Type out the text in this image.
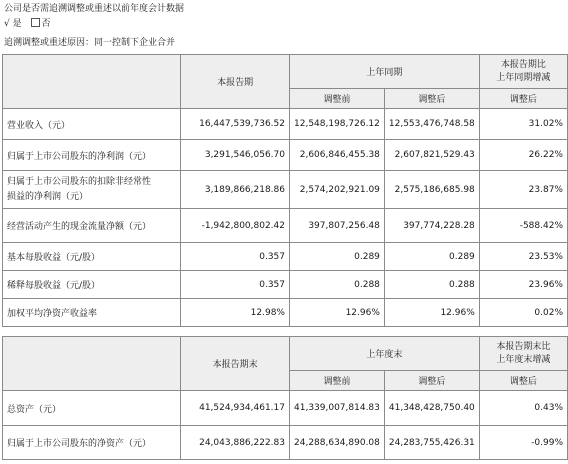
公司是否需追溯调整或重述以前年度会计数据
√ 是 否
追溯调整或重述原因：同一控制下企业合并
	本报告期	上年同期		本报告期比
上年同期增减

		调整前	调整后	调整后
营业收入（元）	16,447,539,736.52	12,548,198,726.12	12,553,476,748.58	31.02%
归属于上市公司股东的净利润（元）	3,291,546,056.70	2,606,846,455.38	2,607,821,529.43	26.22%

归属于上市公司股东的扣除非经常性
损益的净利润（元）	3,189,866,218.86	2,574,202,921.09	2,575,186,685.98	23.87%
经营活动产生的现金流量净额（元）	-1,942,800,802.42	397,807,256.48	397,774,228.28	-588.42%
基本每股收益（元/股）	0.357	0.289	0.289	23.53%
稀释每股收益（元/股）	0.357	0.288	0.288	23.96%
加权平均净资产收益率	12.98%	12.96%	12.96%	0.02%
	本报告期末	上年度末		本报告期末比
上年度末增减

		调整前	调整后	调整后
总资产（元）	41,524,934,461.17	41,339,007,814.83	41,348,428,750.40	0.43%
归属于上市公司股东的净资产（元）	24,043,886,222.83	24,288,634,890.08	24,283,755,426.31	-0.99%
